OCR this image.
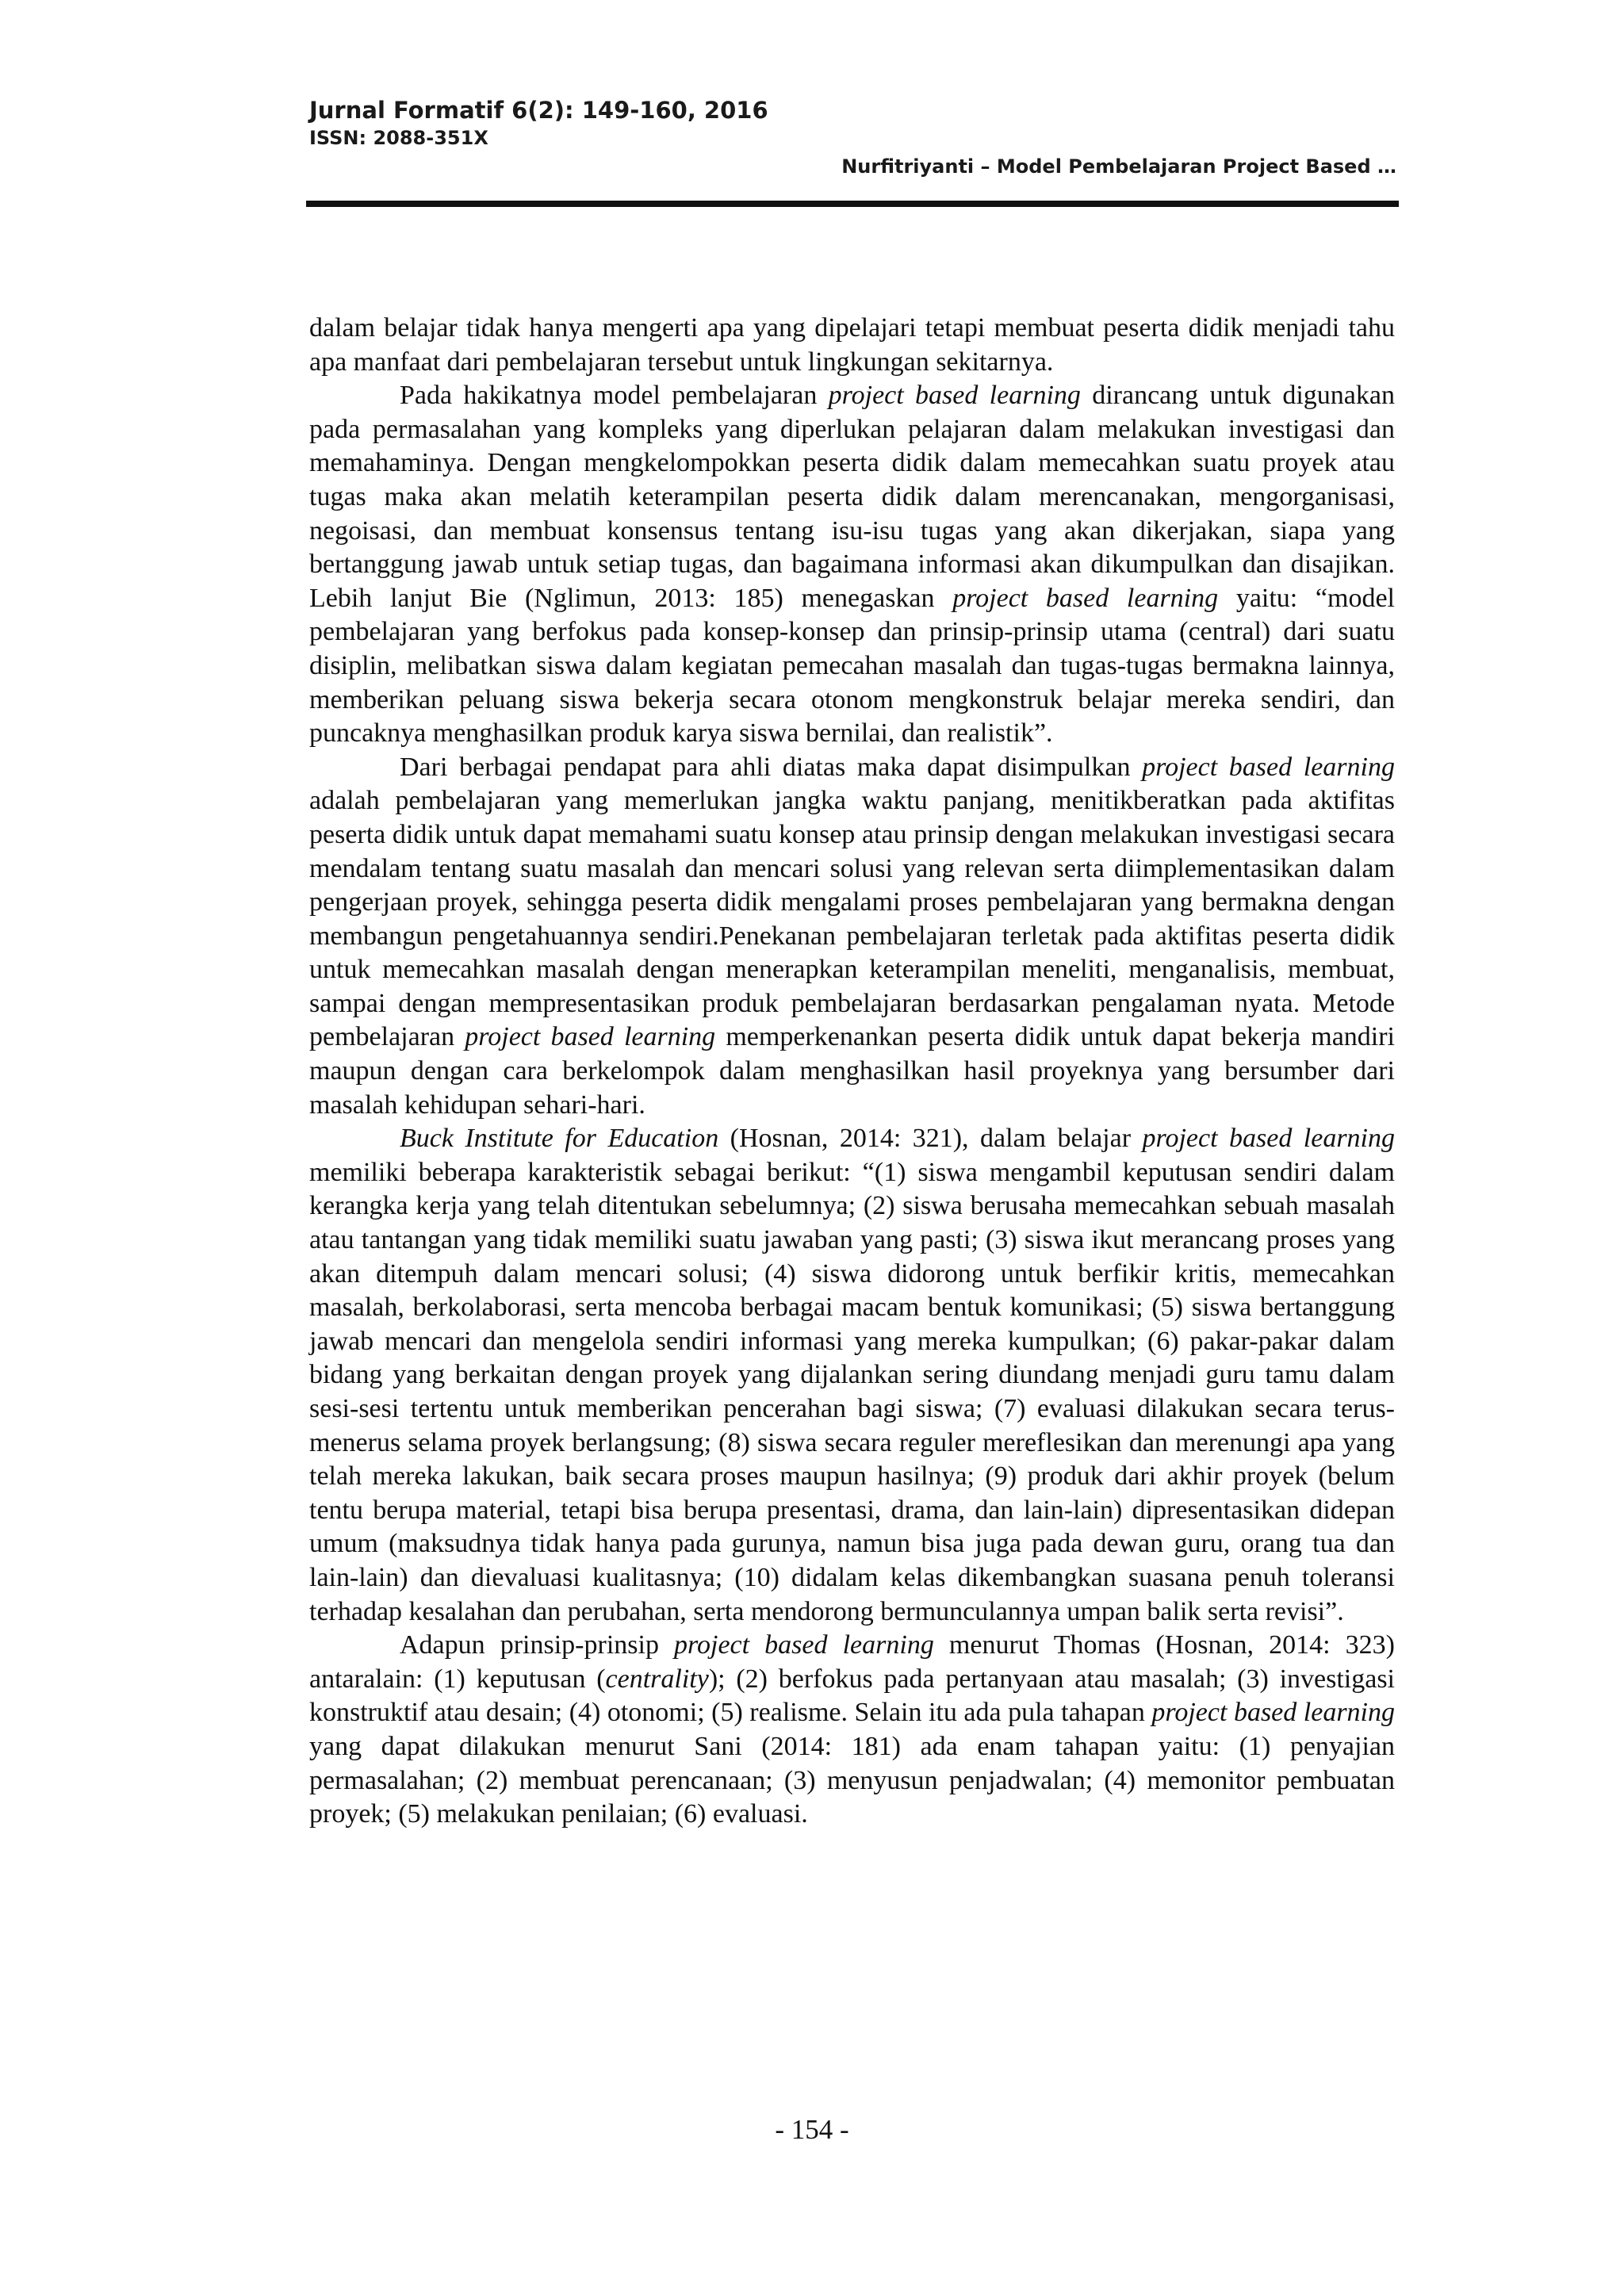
Jurnal Formatif 6(2): 149-160, 2016
ISSN: 2088-351X
Nurfitriyanti – Model Pembelajaran Project Based …

dalam belajar tidak hanya mengerti apa yang dipelajari tetapi membuat peserta didik menjadi tahu apa manfaat dari pembelajaran tersebut untuk lingkungan sekitarnya.

Pada hakikatnya model pembelajaran project based learning dirancang untuk digunakan pada permasalahan yang kompleks yang diperlukan pelajaran dalam melakukan investigasi dan memahaminya. Dengan mengkelompokkan peserta didik dalam memecahkan suatu proyek atau tugas maka akan melatih keterampilan peserta didik dalam merencanakan, mengorganisasi, negoisasi, dan membuat konsensus tentang isu-isu tugas yang akan dikerjakan, siapa yang bertanggung jawab untuk setiap tugas, dan bagaimana informasi akan dikumpulkan dan disajikan. Lebih lanjut Bie (Nglimun, 2013: 185) menegaskan project based learning yaitu: “model pembelajaran yang berfokus pada konsep-konsep dan prinsip-prinsip utama (central) dari suatu disiplin, melibatkan siswa dalam kegiatan pemecahan masalah dan tugas-tugas bermakna lainnya, memberikan peluang siswa bekerja secara otonom mengkonstruk belajar mereka sendiri, dan puncaknya menghasilkan produk karya siswa bernilai, dan realistik”.

Dari berbagai pendapat para ahli diatas maka dapat disimpulkan project based learning adalah pembelajaran yang memerlukan jangka waktu panjang, menitikberatkan pada aktifitas peserta didik untuk dapat memahami suatu konsep atau prinsip dengan melakukan investigasi secara mendalam tentang suatu masalah dan mencari solusi yang relevan serta diimplementasikan dalam pengerjaan proyek, sehingga peserta didik mengalami proses pembelajaran yang bermakna dengan membangun pengetahuannya sendiri.Penekanan pembelajaran terletak pada aktifitas peserta didik untuk memecahkan masalah dengan menerapkan keterampilan meneliti, menganalisis, membuat, sampai dengan mempresentasikan produk pembelajaran berdasarkan pengalaman nyata. Metode pembelajaran project based learning memperkenankan peserta didik untuk dapat bekerja mandiri maupun dengan cara berkelompok dalam menghasilkan hasil proyeknya yang bersumber dari masalah kehidupan sehari-hari.

Buck Institute for Education (Hosnan, 2014: 321), dalam belajar project based learning memiliki beberapa karakteristik sebagai berikut: “(1) siswa mengambil keputusan sendiri dalam kerangka kerja yang telah ditentukan sebelumnya; (2) siswa berusaha memecahkan sebuah masalah atau tantangan yang tidak memiliki suatu jawaban yang pasti; (3) siswa ikut merancang proses yang akan ditempuh dalam mencari solusi; (4) siswa didorong untuk berfikir kritis, memecahkan masalah, berkolaborasi, serta mencoba berbagai macam bentuk komunikasi; (5) siswa bertanggung jawab mencari dan mengelola sendiri informasi yang mereka kumpulkan; (6) pakar-pakar dalam bidang yang berkaitan dengan proyek yang dijalankan sering diundang menjadi guru tamu dalam sesi-sesi tertentu untuk memberikan pencerahan bagi siswa; (7) evaluasi dilakukan secara terus-menerus selama proyek berlangsung; (8) siswa secara reguler mereflesikan dan merenungi apa yang telah mereka lakukan, baik secara proses maupun hasilnya; (9) produk dari akhir proyek (belum tentu berupa material, tetapi bisa berupa presentasi, drama, dan lain-lain) dipresentasikan didepan umum (maksudnya tidak hanya pada gurunya, namun bisa juga pada dewan guru, orang tua dan lain-lain) dan dievaluasi kualitasnya; (10) didalam kelas dikembangkan suasana penuh toleransi terhadap kesalahan dan perubahan, serta mendorong bermunculannya umpan balik serta revisi”.

Adapun prinsip-prinsip project based learning menurut Thomas (Hosnan, 2014: 323) antaralain: (1) keputusan (centrality); (2) berfokus pada pertanyaan atau masalah; (3) investigasi konstruktif atau desain; (4) otonomi; (5) realisme. Selain itu ada pula tahapan project based learning yang dapat dilakukan menurut Sani (2014: 181) ada enam tahapan yaitu: (1) penyajian permasalahan; (2) membuat perencanaan; (3) menyusun penjadwalan; (4) memonitor pembuatan proyek; (5) melakukan penilaian; (6) evaluasi.

- 154 -
